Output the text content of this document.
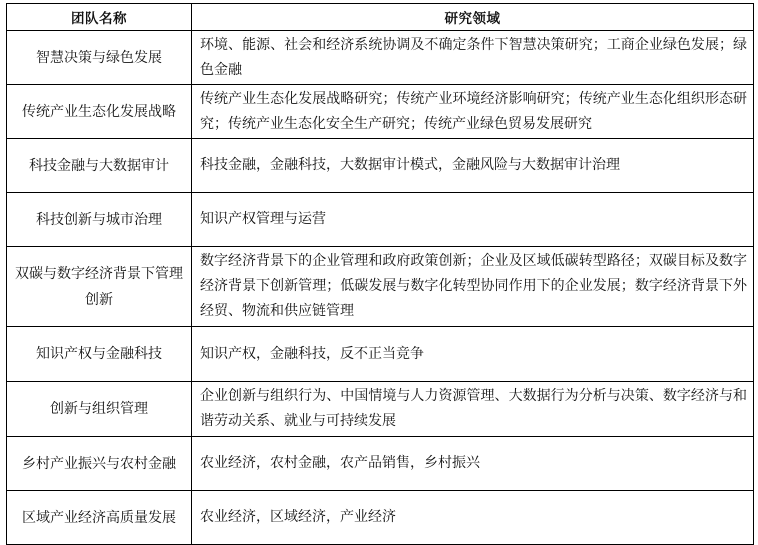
团队名称	研究领域
智慧决策与绿色发展	环境、能源、社会和经济系统协调及不确定条件下智慧决策研究；工商企业绿色发展；绿色金融
传统产业生态化发展战略	传统产业生态化发展战略研究；传统产业环境经济影响研究；传统产业生态化组织形态研究；传统产业生态化安全生产研究；传统产业绿色贸易发展研究
科技金融与大数据审计	科技金融，金融科技，大数据审计模式，金融风险与大数据审计治理
科技创新与城市治理	知识产权管理与运营
双碳与数字经济背景下管理创新	数字经济背景下的企业管理和政府政策创新；企业及区域低碳转型路径；双碳目标及数字经济背景下创新管理；低碳发展与数字化转型协同作用下的企业发展；数字经济背景下外经贸、物流和供应链管理
知识产权与金融科技	知识产权，金融科技，反不正当竞争
创新与组织管理	企业创新与组织行为、中国情境与人力资源管理、大数据行为分析与决策、数字经济与和谐劳动关系、就业与可持续发展
乡村产业振兴与农村金融	农业经济，农村金融，农产品销售，乡村振兴
区域产业经济高质量发展	农业经济，区域经济，产业经济
